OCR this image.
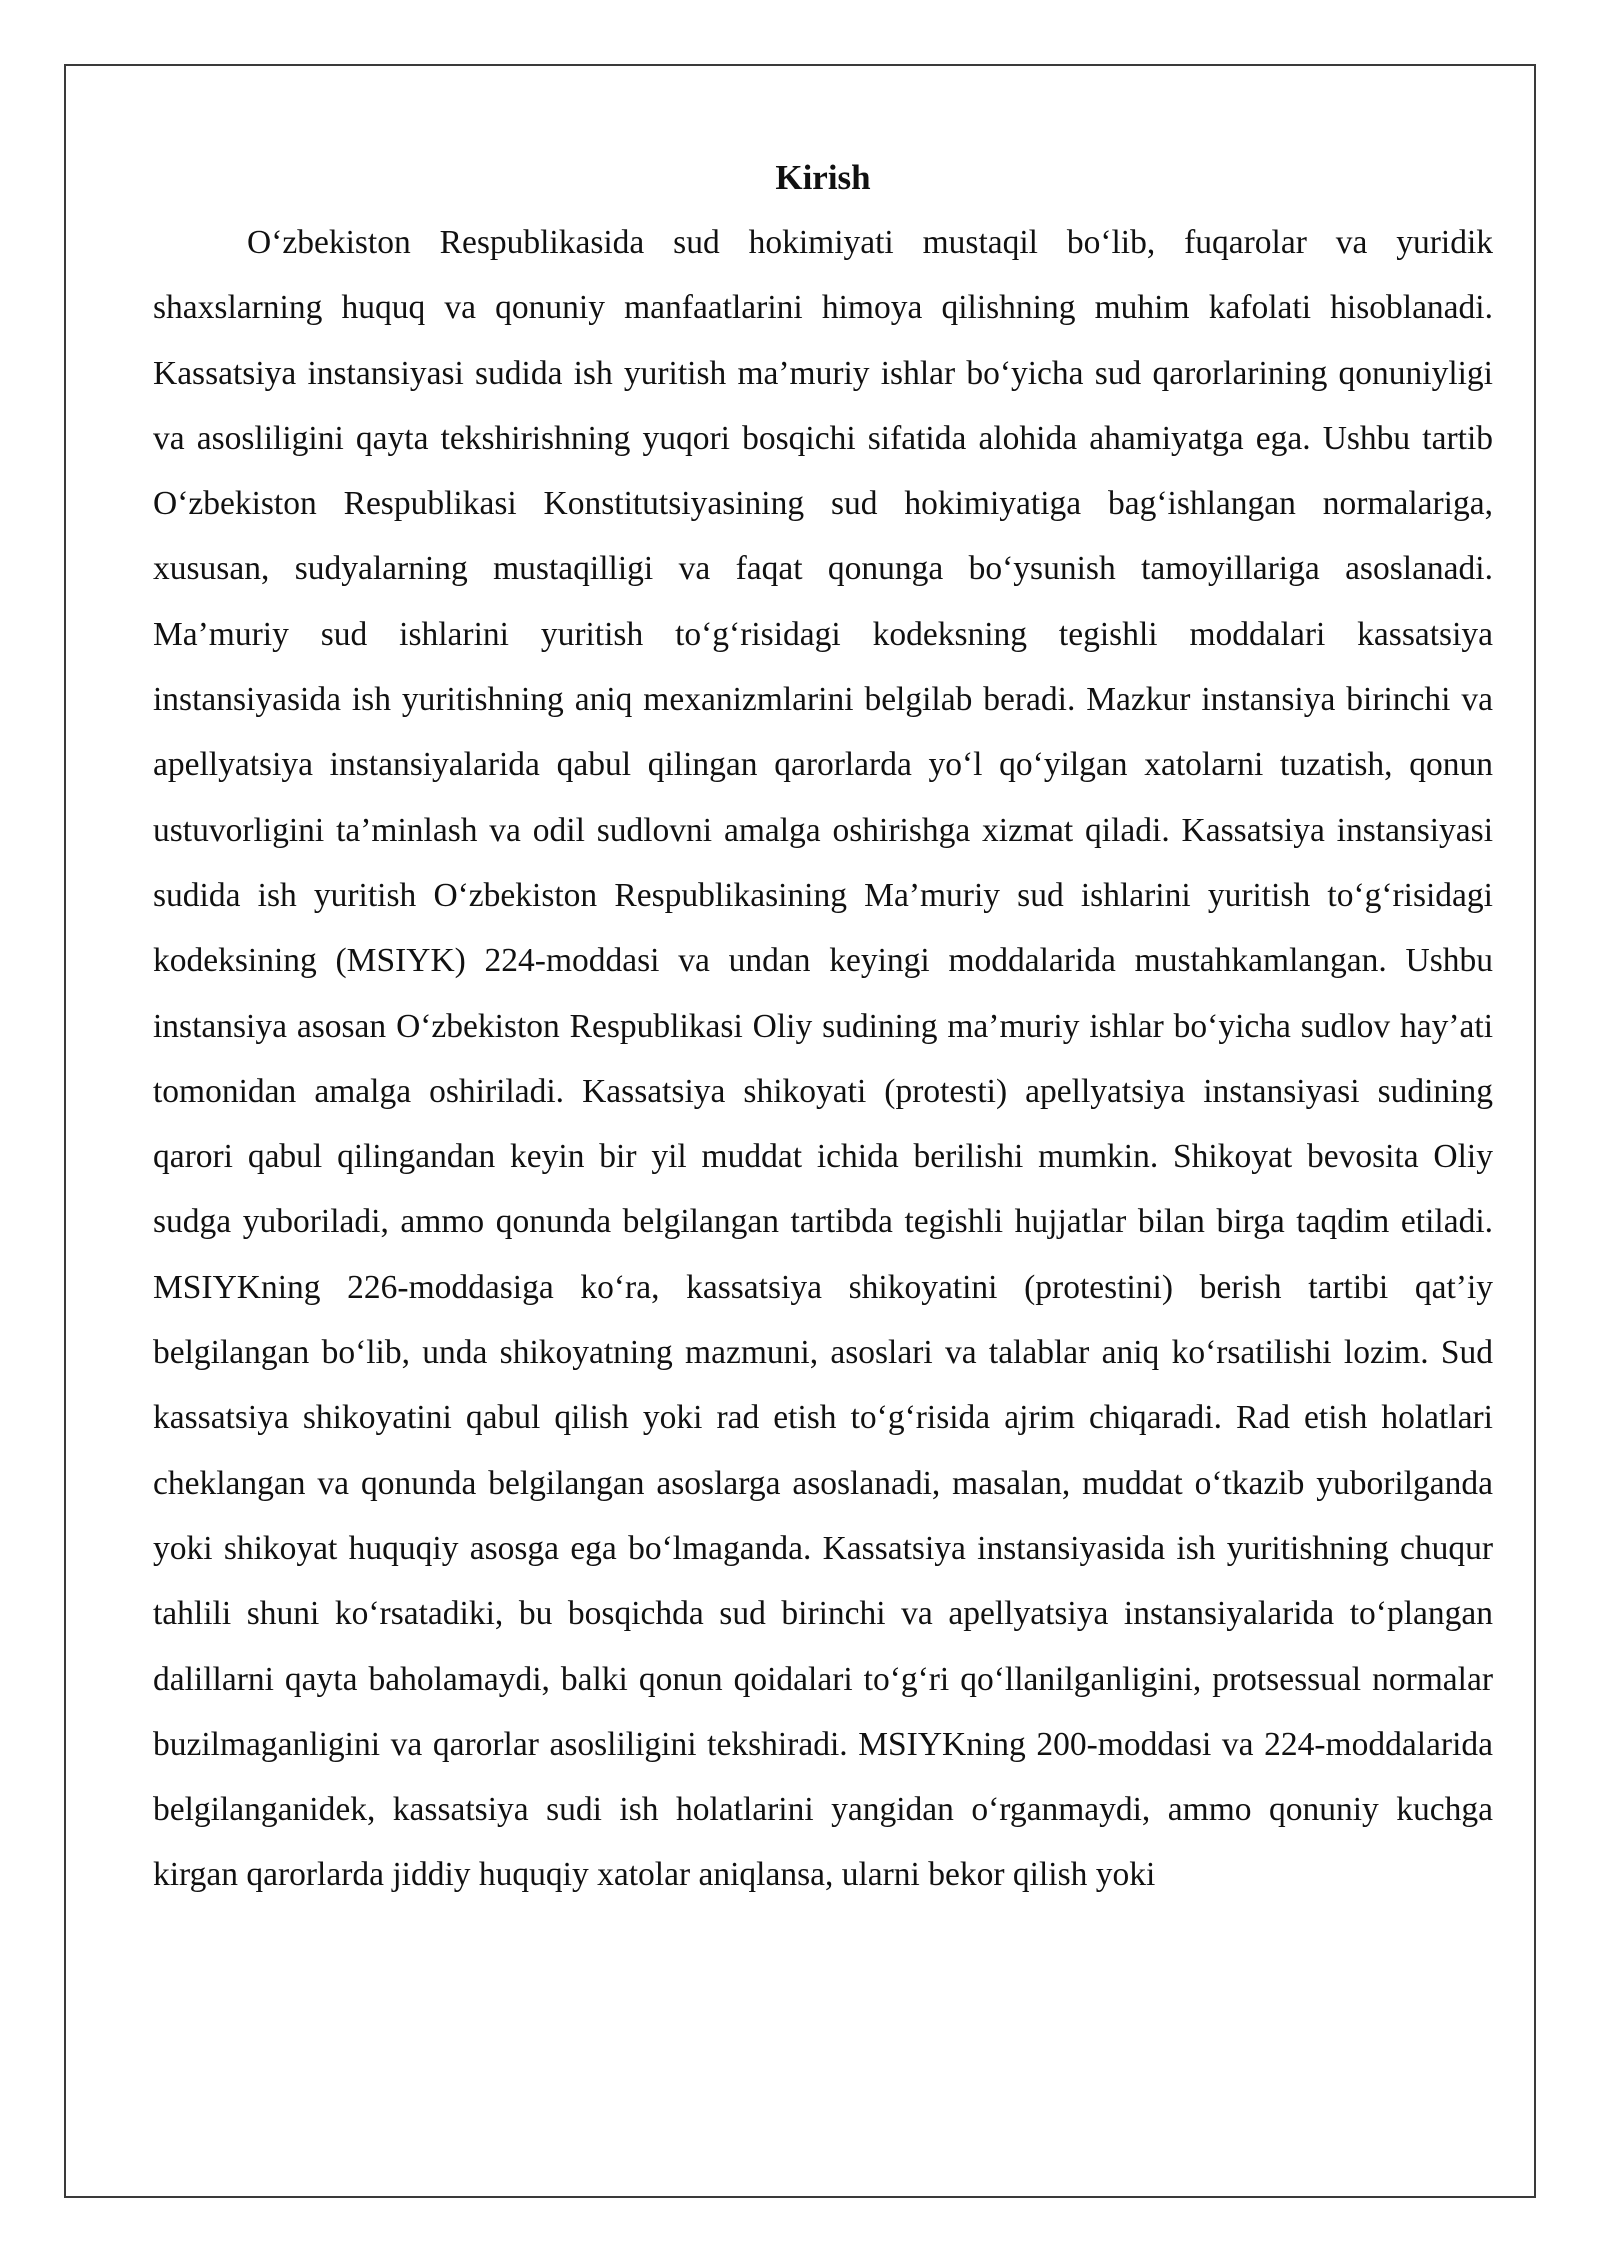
Kirish

O‘zbekiston Respublikasida sud hokimiyati mustaqil bo‘lib, fuqarolar va yuridik shaxslarning huquq va qonuniy manfaatlarini himoya qilishning muhim kafolati hisoblanadi. Kassatsiya instansiyasi sudida ish yuritish ma’muriy ishlar bo‘yicha sud qarorlarining qonuniyligi va asosliligini qayta tekshirishning yuqori bosqichi sifatida alohida ahamiyatga ega. Ushbu tartib O‘zbekiston Respublikasi Konstitutsiyasining sud hokimiyatiga bag‘ishlangan normalariga, xususan, sudyalarning mustaqilligi va faqat qonunga bo‘ysunish tamoyillariga asoslanadi. Ma’muriy sud ishlarini yuritish to‘g‘risidagi kodeksning tegishli moddalari kassatsiya instansiyasida ish yuritishning aniq mexanizmlarini belgilab beradi. Mazkur instansiya birinchi va apellyatsiya instansiyalarida qabul qilingan qarorlarda yo‘l qo‘yilgan xatolarni tuzatish, qonun ustuvorligini ta’minlash va odil sudlovni amalga oshirishga xizmat qiladi. Kassatsiya instansiyasi sudida ish yuritish O‘zbekiston Respublikasining Ma’muriy sud ishlarini yuritish to‘g‘risidagi kodeksining (MSIYK) 224-moddasi va undan keyingi moddalarida mustahkamlangan. Ushbu instansiya asosan O‘zbekiston Respublikasi Oliy sudining ma’muriy ishlar bo‘yicha sudlov hay’ati tomonidan amalga oshiriladi. Kassatsiya shikoyati (protesti) apellyatsiya instansiyasi sudining qarori qabul qilingandan keyin bir yil muddat ichida berilishi mumkin. Shikoyat bevosita Oliy sudga yuboriladi, ammo qonunda belgilangan tartibda tegishli hujjatlar bilan birga taqdim etiladi. MSIYKning 226-moddasiga ko‘ra, kassatsiya shikoyatini (protestini) berish tartibi qat’iy belgilangan bo‘lib, unda shikoyatning mazmuni, asoslari va talablar aniq ko‘rsatilishi lozim. Sud kassatsiya shikoyatini qabul qilish yoki rad etish to‘g‘risida ajrim chiqaradi. Rad etish holatlari cheklangan va qonunda belgilangan asoslarga asoslanadi, masalan, muddat o‘tkazib yuborilganda yoki shikoyat huquqiy asosga ega bo‘lmaganda. Kassatsiya instansiyasida ish yuritishning chuqur tahlili shuni ko‘rsatadiki, bu bosqichda sud birinchi va apellyatsiya instansiyalarida to‘plangan dalillarni qayta baholamaydi, balki qonun qoidalari to‘g‘ri qo‘llanilganligini, protsessual normalar buzilmaganligini va qarorlar asosliligini tekshiradi. MSIYKning 200-moddasi va 224-moddalarida belgilanganidek, kassatsiya sudi ish holatlarini yangidan o‘rganmaydi, ammo qonuniy kuchga kirgan qarorlarda jiddiy huquqiy xatolar aniqlansa, ularni bekor qilish yoki
